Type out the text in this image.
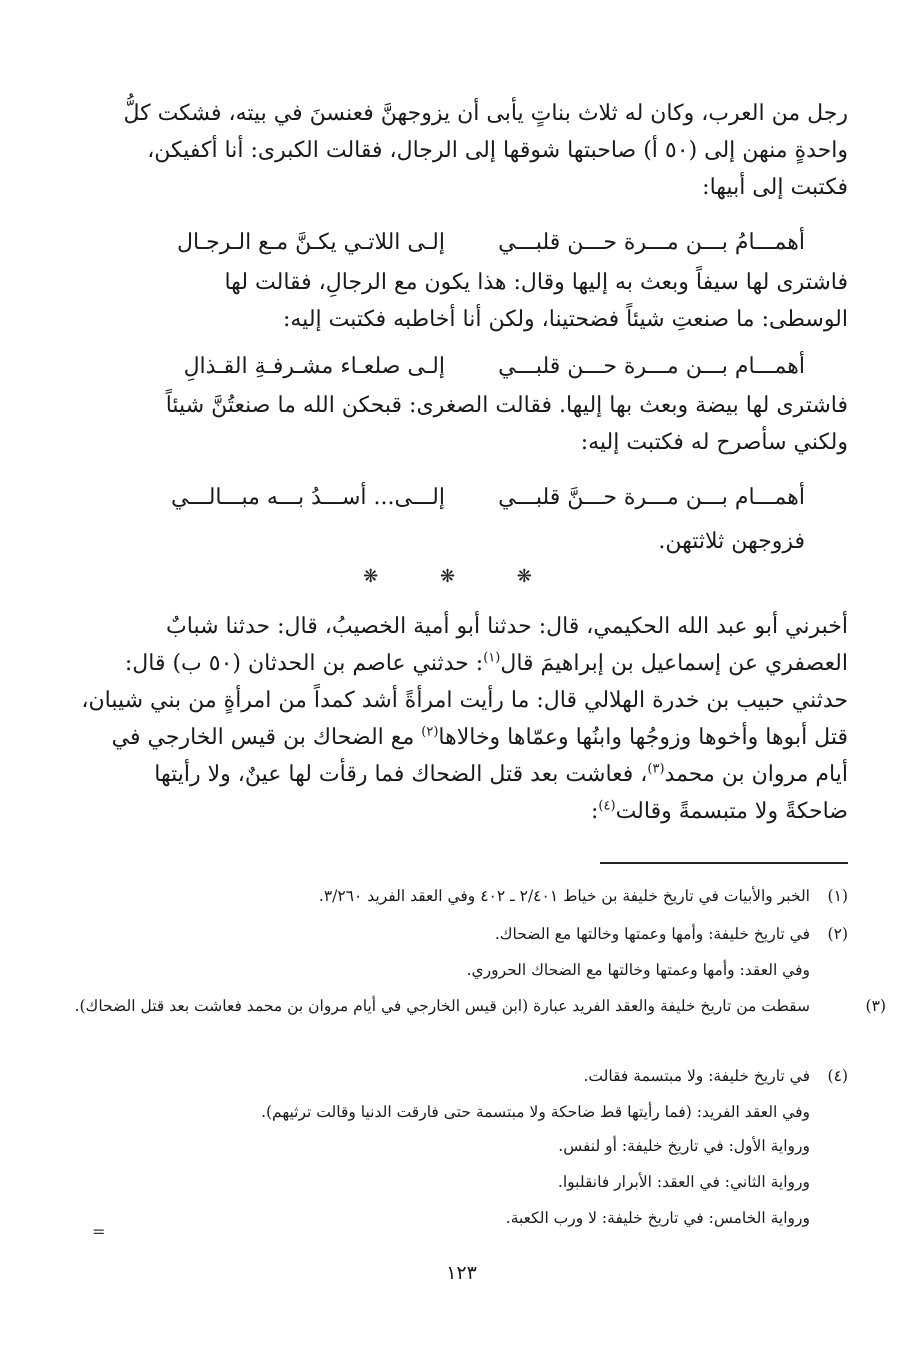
رجل من العرب، وكان له ثلاث بناتٍ يأبى أن يزوجهنَّ فعنسنَ في بيته، فشكت كلُّ

واحدةٍ منهن إلى (٥٠ أ) صاحبتها شوقها إلى الرجال، فقالت الكبرى: أنا أكفيكن،

فكتبت إلى أبيها:

أهمـــامُ بـــن مـــرة حـــن قلبـــي
إلـى اللاتـي يكـنَّ مـع الـرجـال

فاشترى لها سيفاً وبعث به إليها وقال: هذا يكون مع الرجالِ، فقالت لها

الوسطى: ما صنعتِ شيئاً فضحتينا، ولكن أنا أخاطبه فكتبت إليه:

أهمـــام بـــن مـــرة حـــن قلبـــي
إلـى صلعـاء مشـرفـةِ القـذالِ

فاشترى لها بيضة وبعث بها إليها. فقالت الصغرى: قبحكن الله ما صنعتُنَّ شيئاً

ولكني سأصرح له فكتبت إليه:

أهمـــام بـــن مـــرة حـــنَّ قلبـــي
إلـــى... أســـدُ بـــه مبـــالـــي
فزوجهن ثلاثتهن.
❋ ❋ ❋

أخبرني أبو عبد الله الحكيمي، قال: حدثنا أبو أمية الخصيبُ، قال: حدثنا شبابٌ

العصفري عن إسماعيل بن إبراهيمَ قال$^{(١)}$: حدثني عاصم بن الحدثان (٥٠ ب) قال:

حدثني حبيب بن خدرة الهلالي قال: ما رأيت امرأةً أشد كمداً من امرأةٍ من بني شيبان،

قتل أبوها وأخوها وزوجُها وابنُها وعمّاها وخالاها$^{(٢)}$ مع الضحاك بن قيس الخارجي في

أيام مروان بن محمد$^{(٣)}$، فعاشت بعد قتل الضحاك فما رقأت لها عينٌ، ولا رأيتها

ضاحكةً ولا متبسمةً وقالت$^{(٤)}$:

(١)الخبر والأبيات في تاريخ خليفة بن خياط ٢/٤٠١ ـ ٤٠٢ وفي العقد الفريد ٣/٢٦٠.
(٢)في تاريخ خليفة: وأمها وعمتها وخالتها مع الضحاك.
وفي العقد: وأمها وعمتها وخالتها مع الضحاك الحروري.
(٣)سقطت من تاريخ خليفة والعقد الفريد عبارة (ابن قيس الخارجي في أيام مروان بن محمد فعاشت بعد قتل الضحاك).
(٤)في تاريخ خليفة: ولا مبتسمة فقالت.
وفي العقد الفريد: (فما رأيتها قط ضاحكة ولا مبتسمة حتى فارقت الدنيا وقالت ترثيهم).
ورواية الأول: في تاريخ خليفة: أو لنفس.
ورواية الثاني: في العقد: الأبرار فانقلبوا.
ورواية الخامس: في تاريخ خليفة: لا ورب الكعبة.
=
١٢٣
